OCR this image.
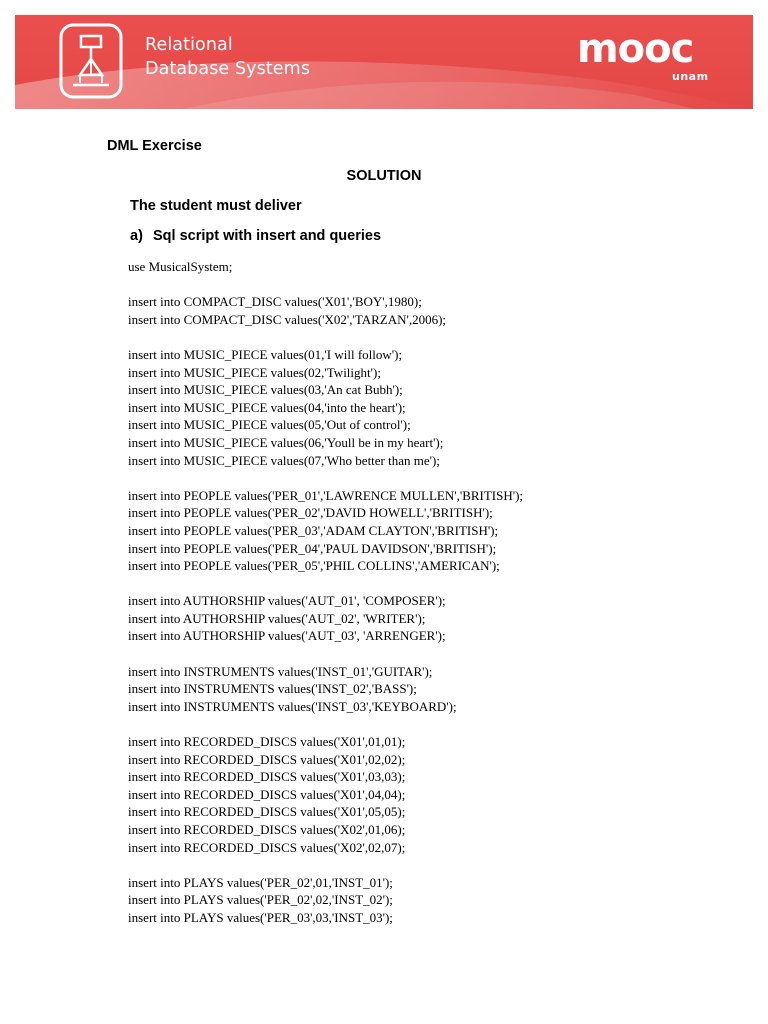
Relational
Database Systems	mooc
unam
DML Exercise
SOLUTION
The student must deliver
a) Sql script with insert and queries
use MusicalSystem;
insert into COMPACT_DISC values('X01','BOY',1980);
insert into COMPACT_DISC values('X02','TARZAN',2006);
insert into MUSIC_PIECE values(01,'I will follow');
insert into MUSIC_PIECE values(02,'Twilight');
insert into MUSIC_PIECE values(03,'An cat Bubh');
insert into MUSIC_PIECE values(04,'into the heart');
insert into MUSIC_PIECE values(05,'Out of control');
insert into MUSIC_PIECE values(06,'Youll be in my heart');
insert into MUSIC_PIECE values(07,'Who better than me');
insert into PEOPLE values('PER_01','LAWRENCE MULLEN','BRITISH');
insert into PEOPLE values('PER_02','DAVID HOWELL','BRITISH');
insert into PEOPLE values('PER_03','ADAM CLAYTON','BRITISH');
insert into PEOPLE values('PER_04','PAUL DAVIDSON','BRITISH');
insert into PEOPLE values('PER_05','PHIL COLLINS','AMERICAN');
insert into AUTHORSHIP values('AUT_01', 'COMPOSER');
insert into AUTHORSHIP values('AUT_02', 'WRITER');
insert into AUTHORSHIP values('AUT_03', 'ARRENGER');
insert into INSTRUMENTS values('INST_01','GUITAR');
insert into INSTRUMENTS values('INST_02','BASS');
insert into INSTRUMENTS values('INST_03','KEYBOARD');
insert into RECORDED_DISCS values('X01',01,01);
insert into RECORDED_DISCS values('X01',02,02);
insert into RECORDED_DISCS values('X01',03,03);
insert into RECORDED_DISCS values('X01',04,04);
insert into RECORDED_DISCS values('X01',05,05);
insert into RECORDED_DISCS values('X02',01,06);
insert into RECORDED_DISCS values('X02',02,07);
insert into PLAYS values('PER_02',01,'INST_01');
insert into PLAYS values('PER_02',02,'INST_02');
insert into PLAYS values('PER_03',03,'INST_03');
